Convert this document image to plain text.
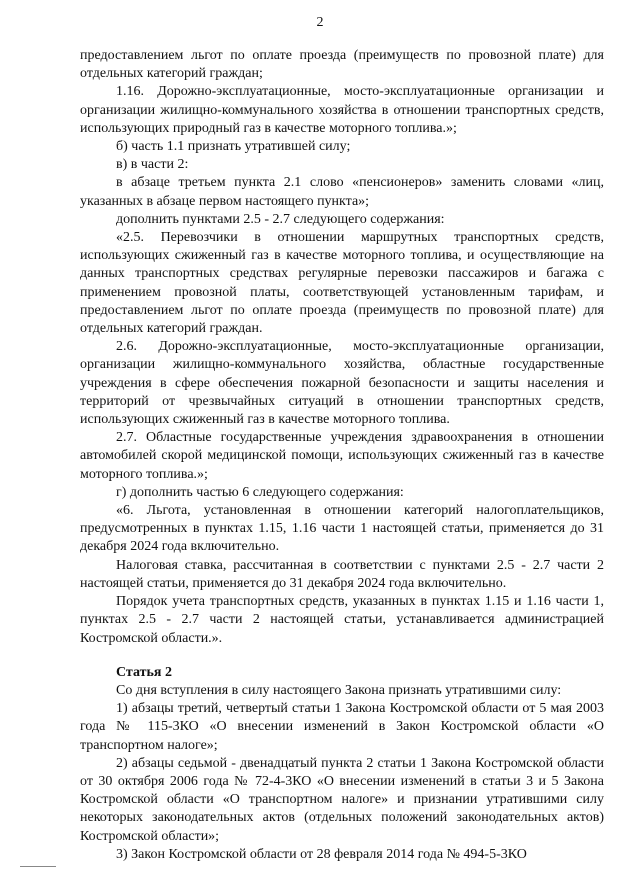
2

предоставлением льгот по оплате проезда (преимуществ по провозной плате) для отдельных категорий граждан;

1.16. Дорожно-эксплуатационные, мосто-эксплуатационные организации и организации жилищно-коммунального хозяйства в отношении транспортных средств, использующих природный газ в качестве моторного топлива.»;

б) часть 1.1 признать утратившей силу;

в) в части 2:

в абзаце третьем пункта 2.1 слово «пенсионеров» заменить словами «лиц, указанных в абзаце первом настоящего пункта»;

дополнить пунктами 2.5 - 2.7 следующего содержания:

«2.5. Перевозчики в отношении маршрутных транспортных средств, использующих сжиженный газ в качестве моторного топлива, и осуществляющие на данных транспортных средствах регулярные перевозки пассажиров и багажа с применением провозной платы, соответствующей установленным тарифам, и предоставлением льгот по оплате проезда (преимуществ по провозной плате) для отдельных категорий граждан.

2.6. Дорожно-эксплуатационные, мосто-эксплуатационные организации, организации жилищно-коммунального хозяйства, областные государственные учреждения в сфере обеспечения пожарной безопасности и защиты населения и территорий от чрезвычайных ситуаций в отношении транспортных средств, использующих сжиженный газ в качестве моторного топлива.

2.7. Областные государственные учреждения здравоохранения в отношении автомобилей скорой медицинской помощи, использующих сжиженный газ в качестве моторного топлива.»;

г) дополнить частью 6 следующего содержания:

«6. Льгота, установленная в отношении категорий налогоплательщиков, предусмотренных в пунктах 1.15, 1.16 части 1 настоящей статьи, применяется до 31 декабря 2024 года включительно.

Налоговая ставка, рассчитанная в соответствии с пунктами 2.5 - 2.7 части 2 настоящей статьи, применяется до 31 декабря 2024 года включительно.

Порядок учета транспортных средств, указанных в пунктах 1.15 и 1.16 части 1, пунктах 2.5 - 2.7 части 2 настоящей статьи, устанавливается администрацией Костромской области.».

Статья 2

Со дня вступления в силу настоящего Закона признать утратившими силу:

1) абзацы третий, четвертый статьи 1 Закона Костромской области от 5 мая 2003 года № 115-3КО «О внесении изменений в Закон Костромской области «О транспортном налоге»;

2) абзацы седьмой - двенадцатый пункта 2 статьи 1 Закона Костромской области от 30 октября 2006 года № 72-4-3КО «О внесении изменений в статьи 3 и 5 Закона Костромской области «О транспортном налоге» и признании утратившими силу некоторых законодательных актов (отдельных положений законодательных актов) Костромской области»;

3) Закон Костромской области от 28 февраля 2014 года № 494-5-3КО
